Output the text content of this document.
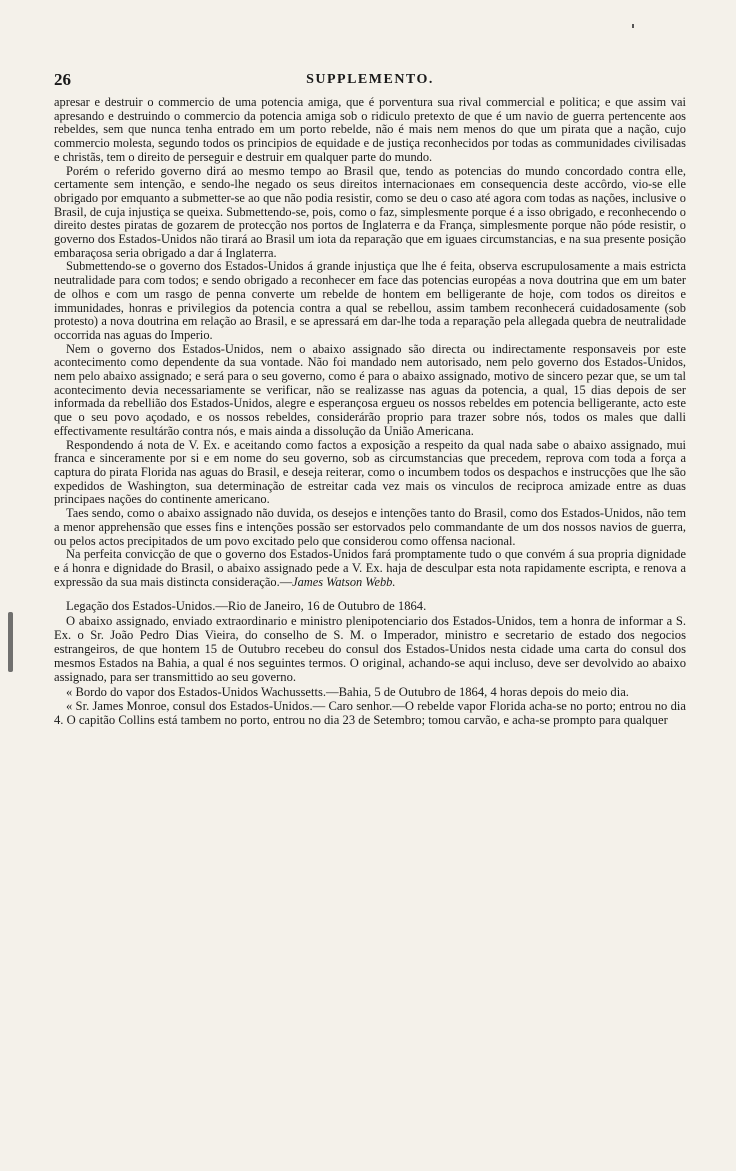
26	SUPPLEMENTO.

apresar e destruir o commercio de uma potencia amiga, que é porventura sua rival commercial e politica; e que assim vai apresando e destruindo o commercio da potencia amiga sob o ridiculo pretexto de que é um navio de guerra pertencente aos rebeldes, sem que nunca tenha entrado em um porto rebelde, não é mais nem menos do que um pirata que a nação, cujo commercio molesta, segundo todos os principios de equidade e de justiça reconhecidos por todas as communidades civilisadas e christãs, tem o direito de perseguir e destruir em qualquer parte do mundo.

Porém o referido governo dirá ao mesmo tempo ao Brasil que, tendo as potencias do mundo concordado contra elle, certamente sem intenção, e sendo-lhe negado os seus direitos internacionaes em consequencia deste accôrdo, vio-se elle obrigado por emquanto a submetter-se ao que não podia resistir, como se deu o caso até agora com todas as nações, inclusive o Brasil, de cuja injustiça se queixa. Submettendo-se, pois, como o faz, simplesmente porque é a isso obrigado, e reconhecendo o direito destes piratas de gozarem de protecção nos portos de Inglaterra e da França, simplesmente porque não póde resistir, o governo dos Estados-Unidos não tirará ao Brasil um iota da reparação que em iguaes circumstancias, e na sua presente posição embaraçosa seria obrigado a dar á Inglaterra.

Submettendo-se o governo dos Estados-Unidos á grande injustiça que lhe é feita, observa escrupulosamente a mais estricta neutralidade para com todos; e sendo obrigado a reconhecer em face das potencias européas a nova doutrina que em um bater de olhos e com um rasgo de penna converte um rebelde de hontem em belligerante de hoje, com todos os direitos e immunidades, honras e privilegios da potencia contra a qual se rebellou, assim tambem reconhecerá cuidadosamente (sob protesto) a nova doutrina em relação ao Brasil, e se apressará em dar-lhe toda a reparação pela allegada quebra de neutralidade occorrida nas aguas do Imperio.

Nem o governo dos Estados-Unidos, nem o abaixo assignado são directa ou indirectamente responsaveis por este acontecimento como dependente da sua vontade. Não foi mandado nem autorisado, nem pelo governo dos Estados-Unidos, nem pelo abaixo assignado; e será para o seu governo, como é para o abaixo assignado, motivo de sincero pezar que, se um tal acontecimento devia necessariamente se verificar, não se realizasse nas aguas da potencia, a qual, 15 dias depois de ser informada da rebellião dos Estados-Unidos, alegre e esperançosa ergueu os nossos rebeldes em potencia belligerante, acto este que o seu povo açodado, e os nossos rebeldes, considerárão proprio para trazer sobre nós, todos os males que dalli effectivamente resultárão contra nós, e mais ainda a dissolução da União Americana.

Respondendo á nota de V. Ex. e aceitando como factos a exposição a respeito da qual nada sabe o abaixo assignado, mui franca e sinceramente por si e em nome do seu governo, sob as circumstancias que precedem, reprova com toda a força a captura do pirata Florida nas aguas do Brasil, e deseja reiterar, como o incumbem todos os despachos e instrucções que lhe são expedidos de Washington, sua determinação de estreitar cada vez mais os vinculos de reciproca amizade entre as duas principaes nações do continente americano.

Taes sendo, como o abaixo assignado não duvida, os desejos e intenções tanto do Brasil, como dos Estados-Unidos, não tem a menor apprehensão que esses fins e intenções possão ser estorvados pelo commandante de um dos nossos navios de guerra, ou pelos actos precipitados de um povo excitado pelo que considerou como offensa nacional.

Na perfeita convicção de que o governo dos Estados-Unidos fará promptamente tudo o que convém á sua propria dignidade e á honra e dignidade do Brasil, o abaixo assignado pede a V. Ex. haja de desculpar esta nota rapidamente escripta, e renova a expressão da sua mais distincta consideração.—James Watson Webb.

Legação dos Estados-Unidos.—Rio de Janeiro, 16 de Outubro de 1864.

O abaixo assignado, enviado extraordinario e ministro plenipotenciario dos Estados-Unidos, tem a honra de informar a S. Ex. o Sr. João Pedro Dias Vieira, do conselho de S. M. o Imperador, ministro e secretario de estado dos negocios estrangeiros, de que hontem 15 de Outubro recebeu do consul dos Estados-Unidos nesta cidade uma carta do consul dos mesmos Estados na Bahia, a qual é nos seguintes termos. O original, achando-se aqui incluso, deve ser devolvido ao abaixo assignado, para ser transmittido ao seu governo.

« Bordo do vapor dos Estados-Unidos Wachussetts.—Bahia, 5 de Outubro de 1864, 4 horas depois do meio dia.

« Sr. James Monroe, consul dos Estados-Unidos.— Caro senhor.—O rebelde vapor Florida acha-se no porto; entrou no dia 4. O capitão Collins está tambem no porto, entrou no dia 23 de Setembro; tomou carvão, e acha-se prompto para qualquer
